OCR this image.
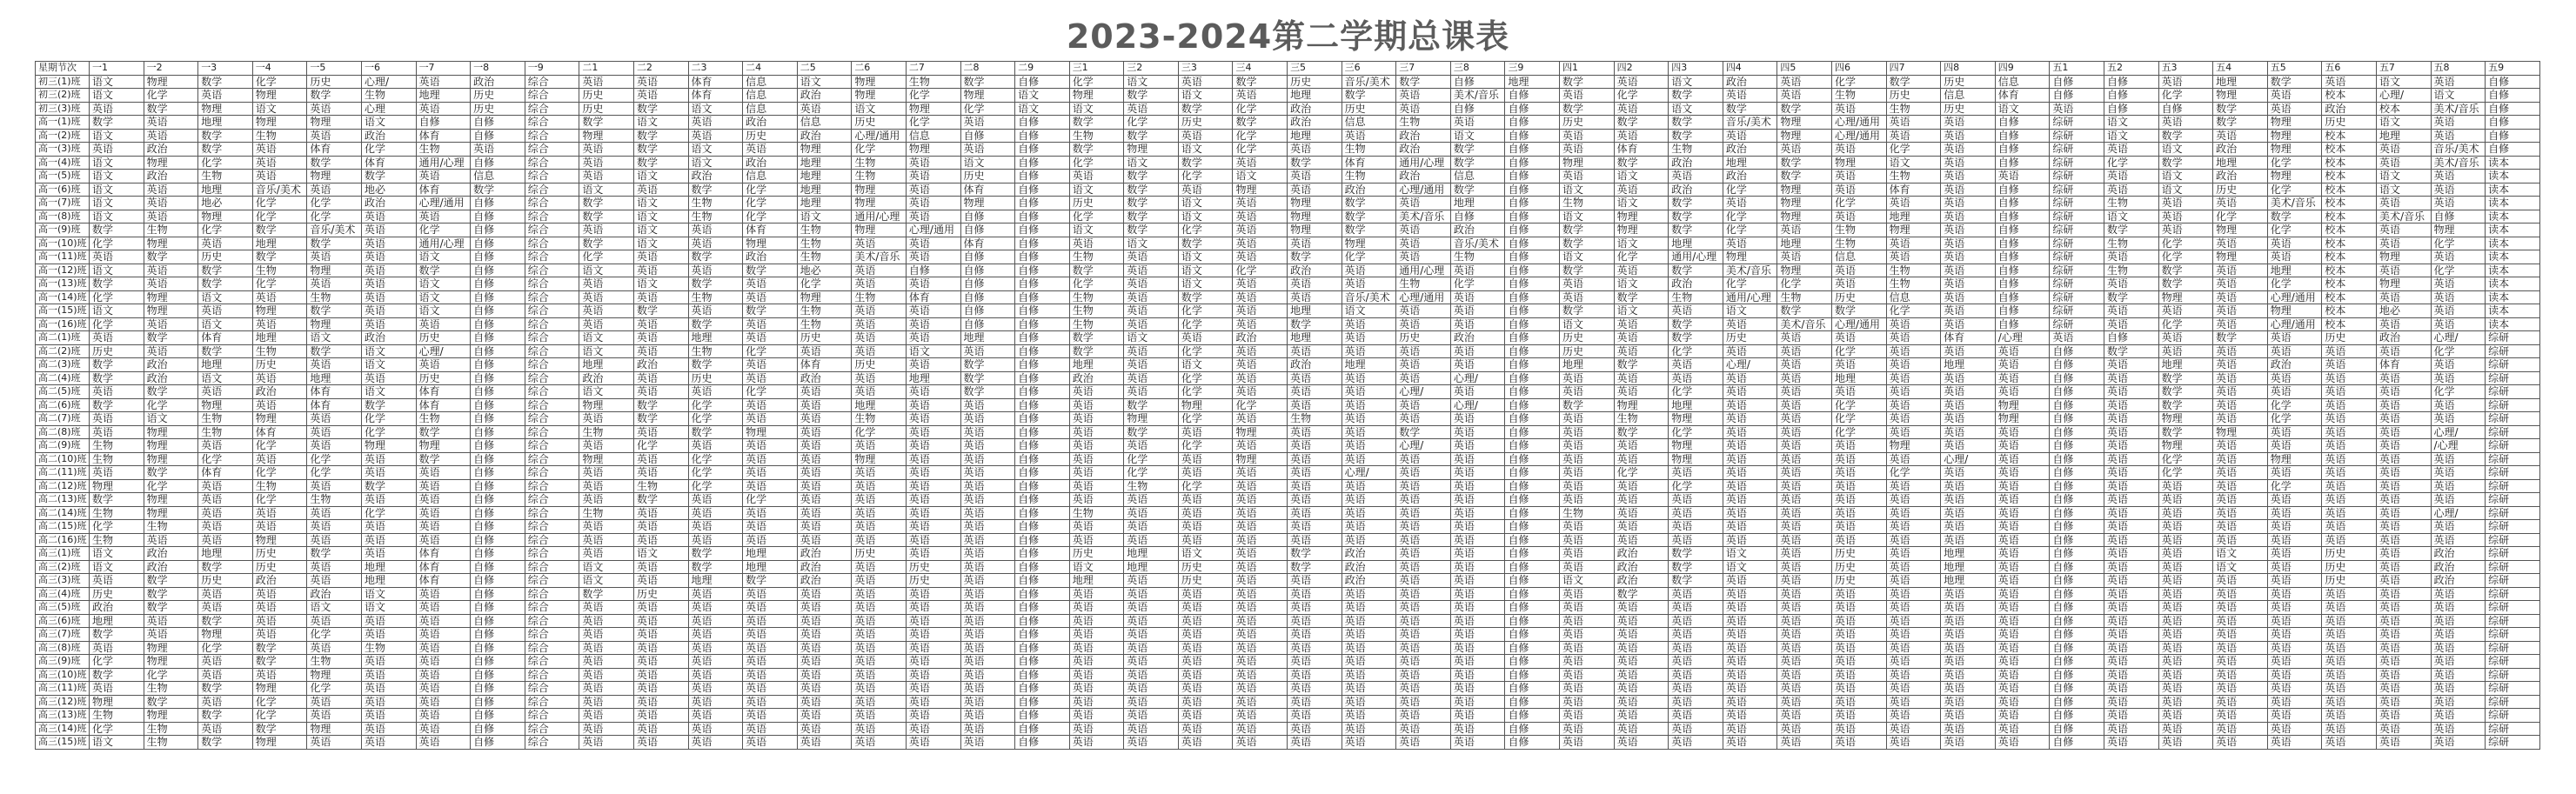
2023-2024第二学期总课表
星期节次	一1	一2	一3	一4	一5	一6	一7	一8	一9	二1	二2	二3	二4	二5	二6	二7	二8	二9	三1	三2	三3	三4	三5	三6	三7	三8	三9	四1	四2	四3	四4	四5	四6	四7	四8	四9	五1	五2	五3	五4	五5	五6	五7	五8	五9
初三(1)班	语文	物理	数学	化学	历史	心理/	英语	政治	综合	英语	英语	体育	信息	语文	物理	生物	数学	自修	化学	语文	英语	数学	历史	音乐/美术	数学	自修	地理	数学	英语	语文	政治	英语	化学	数学	历史	信息	自修	自修	英语	地理	数学	英语	语文	英语	自修
初三(2)班	语文	化学	英语	物理	数学	生物	地理	历史	综合	历史	英语	体育	信息	政治	物理	化学	物理	语文	物理	数学	语文	英语	地理	数学	英语	美术/音乐	自修	英语	化学	数学	英语	英语	生物	历史	信息	体育	自修	自修	化学	物理	英语	校本	心理/	语文	自修
初三(3)班	英语	数学	物理	语文	英语	心理	英语	历史	综合	历史	数学	语文	信息	英语	语文	物理	化学	语文	语文	英语	数学	化学	政治	历史	英语	自修	自修	数学	英语	语文	数学	数学	英语	生物	历史	语文	英语	自修	自修	数学	英语	政治	校本	美术/音乐	自修
高一(1)班	数学	英语	地理	物理	物理	语文	自修	自修	综合	数学	语文	英语	政治	信息	历史	化学	英语	自修	数学	化学	历史	数学	政治	信息	生物	英语	自修	历史	数学	数学	音乐/美术	物理	心理/通用	英语	英语	自修	综研	语文	英语	数学	物理	历史	语文	英语	自修
高一(2)班	语文	英语	数学	生物	英语	政治	体育	自修	综合	物理	数学	英语	历史	政治	心理/通用	信息	自修	自修	生物	数学	英语	化学	地理	英语	政治	语文	自修	英语	英语	数学	英语	物理	心理/通用	英语	英语	自修	综研	语文	数学	英语	物理	校本	地理	英语	自修
高一(3)班	英语	政治	数学	英语	体育	化学	生物	英语	综合	英语	数学	语文	英语	物理	化学	物理	英语	自修	数学	物理	语文	化学	英语	生物	政治	数学	自修	英语	体育	生物	政治	英语	英语	化学	英语	自修	综研	英语	语文	政治	物理	校本	英语	音乐/美术	自修
高一(4)班	语文	物理	化学	英语	数学	体育	通用/心理	自修	综合	英语	数学	语文	政治	地理	生物	英语	语文	自修	化学	语文	数学	英语	数学	体育	通用/心理	数学	自修	物理	数学	政治	地理	数学	物理	语文	英语	自修	综研	化学	数学	地理	化学	校本	英语	美术/音乐	读本
高一(5)班	语文	政治	生物	英语	物理	数学	英语	信息	综合	英语	语文	政治	信息	地理	生物	英语	历史	自修	英语	数学	化学	语文	英语	生物	政治	信息	自修	英语	语文	英语	政治	数学	英语	生物	英语	英语	综研	英语	语文	政治	物理	校本	语文	英语	读本
高一(6)班	语文	英语	地理	音乐/美术	英语	地必	体育	数学	综合	语文	英语	数学	化学	地理	物理	英语	体育	自修	语文	数学	英语	物理	英语	政治	心理/通用	数学	自修	语文	英语	政治	化学	物理	英语	体育	英语	自修	综研	英语	语文	历史	化学	校本	语文	英语	读本
高一(7)班	语文	英语	地必	化学	化学	政治	心理/通用	自修	综合	数学	语文	生物	化学	地理	物理	英语	物理	自修	历史	数学	语文	英语	物理	数学	英语	地理	自修	生物	语文	数学	英语	物理	化学	英语	英语	自修	综研	生物	英语	英语	美术/音乐	校本	英语	英语	读本
高一(8)班	语文	英语	物理	化学	化学	英语	英语	自修	综合	数学	语文	生物	化学	语文	通用/心理	英语	自修	自修	化学	数学	语文	英语	物理	数学	美术/音乐	自修	自修	语文	物理	数学	化学	物理	英语	地理	英语	自修	综研	语文	英语	化学	数学	校本	美术/音乐	自修	读本
高一(9)班	数学	生物	化学	数学	音乐/美术	英语	化学	自修	综合	英语	语文	英语	体育	生物	物理	心理/通用	自修	自修	语文	数学	化学	英语	物理	数学	英语	政治	自修	数学	物理	数学	化学	英语	生物	物理	英语	自修	综研	数学	英语	物理	化学	校本	英语	物理	读本
高一(10)班	化学	物理	英语	地理	数学	英语	通用/心理	自修	综合	数学	语文	英语	物理	生物	英语	英语	体育	自修	英语	语文	数学	英语	英语	物理	英语	音乐/美术	自修	数学	语文	地理	英语	地理	生物	英语	英语	自修	综研	生物	化学	英语	英语	校本	英语	化学	读本
高一(11)班	英语	数学	历史	数学	英语	英语	语文	自修	综合	化学	英语	数学	政治	生物	美术/音乐	英语	自修	自修	生物	英语	语文	英语	数学	化学	英语	生物	自修	语文	化学	通用/心理	物理	英语	信息	英语	英语	自修	综研	英语	化学	物理	英语	校本	物理	英语	读本
高一(12)班	语文	英语	数学	生物	物理	英语	数学	自修	综合	语文	英语	英语	数学	地必	英语	自修	自修	自修	数学	英语	语文	化学	政治	英语	通用/心理	英语	自修	数学	英语	数学	美术/音乐	物理	英语	生物	英语	自修	综研	生物	数学	英语	地理	校本	英语	化学	读本
高一(13)班	数学	英语	数学	化学	英语	英语	语文	自修	综合	英语	语文	数学	英语	化学	英语	英语	自修	自修	化学	英语	语文	英语	英语	英语	生物	化学	自修	英语	语文	政治	化学	化学	英语	生物	英语	自修	综研	英语	数学	英语	化学	校本	物理	英语	读本
高一(14)班	化学	物理	语文	英语	生物	英语	语文	自修	综合	英语	英语	生物	英语	物理	生物	体育	自修	自修	生物	英语	数学	英语	英语	音乐/美术	心理/通用	英语	自修	英语	数学	生物	通用/心理	生物	历史	信息	英语	自修	综研	数学	物理	英语	心理/通用	校本	英语	英语	读本
高一(15)班	语文	物理	英语	物理	数学	英语	语文	自修	综合	英语	数学	英语	数学	生物	英语	英语	自修	自修	生物	英语	化学	英语	地理	语文	英语	英语	自修	数学	语文	英语	语文	数学	数学	化学	英语	自修	综研	英语	英语	英语	物理	校本	地必	英语	读本
高一(16)班	化学	英语	语文	英语	物理	英语	英语	自修	综合	英语	英语	数学	英语	生物	英语	英语	自修	自修	生物	英语	化学	英语	数学	英语	英语	英语	自修	语文	英语	数学	英语	美术/音乐	心理/通用	英语	英语	自修	综研	英语	化学	英语	心理/通用	校本	英语	英语	读本
高二(1)班	英语	数学	体育	地理	语文	政治	历史	自修	综合	语文	英语	地理	英语	历史	英语	英语	地理	自修	数学	语文	英语	政治	地理	英语	历史	政治	自修	历史	英语	数学	历史	英语	英语	英语	体育	/心理	英语	自修	英语	数学	英语	历史	政治	心理/	综研
高二(2)班	历史	英语	数学	生物	数学	语文	心理/	自修	综合	语文	英语	生物	化学	英语	英语	语文	英语	自修	数学	英语	化学	英语	英语	英语	英语	英语	自修	历史	英语	化学	英语	英语	化学	英语	英语	英语	自修	数学	英语	英语	英语	英语	英语	化学	综研
高二(3)班	数学	政治	地理	历史	英语	语文	英语	自修	综合	地理	政治	数学	英语	体育	历史	英语	数学	自修	地理	英语	语文	英语	政治	地理	英语	英语	自修	地理	数学	英语	心理/	英语	英语	英语	地理	英语	自修	英语	地理	英语	政治	英语	体育	英语	综研
高二(4)班	数学	政治	语文	英语	地理	英语	历史	自修	综合	政治	英语	历史	英语	政治	英语	地理	数学	自修	政治	英语	化学	英语	英语	英语	英语	心理/	自修	英语	英语	英语	英语	英语	地理	英语	英语	英语	自修	英语	数学	英语	英语	英语	英语	英语	综研
高二(5)班	英语	数学	英语	政治	体育	语文	体育	自修	综合	语文	英语	英语	化学	英语	英语	英语	数学	自修	英语	英语	化学	英语	英语	英语	心理/	英语	自修	英语	英语	化学	英语	英语	英语	英语	英语	英语	自修	英语	数学	英语	英语	英语	英语	化学	综研
高二(6)班	数学	化学	物理	英语	体育	数学	体育	自修	综合	物理	数学	化学	英语	英语	地理	英语	英语	自修	英语	数学	物理	化学	英语	英语	英语	心理/	自修	数学	物理	地理	英语	英语	化学	英语	英语	物理	自修	英语	数学	英语	化学	英语	英语	英语	综研
高二(7)班	英语	语文	生物	物理	英语	化学	生物	自修	综合	英语	数学	化学	英语	英语	生物	英语	英语	自修	英语	物理	化学	英语	生物	英语	英语	英语	自修	英语	生物	物理	英语	英语	化学	英语	英语	物理	自修	英语	物理	英语	化学	英语	英语	英语	综研
高二(8)班	英语	物理	生物	体育	英语	化学	数学	自修	综合	生物	英语	数学	物理	英语	化学	英语	英语	自修	英语	数学	英语	物理	英语	英语	数学	英语	自修	英语	数学	化学	英语	英语	化学	英语	英语	英语	自修	英语	数学	物理	英语	英语	英语	心理/	综研
高二(9)班	生物	物理	英语	化学	英语	物理	物理	自修	综合	英语	化学	英语	英语	英语	英语	英语	英语	自修	英语	英语	化学	英语	英语	英语	心理/	英语	自修	英语	英语	物理	英语	英语	英语	物理	英语	英语	自修	英语	物理	英语	英语	英语	英语	/心理	综研
高二(10)班	生物	物理	化学	英语	化学	英语	数学	自修	综合	物理	英语	化学	英语	英语	物理	英语	英语	自修	英语	化学	英语	物理	英语	英语	英语	英语	自修	英语	英语	物理	英语	英语	英语	英语	心理/	英语	自修	英语	化学	英语	物理	英语	英语	英语	综研
高二(11)班	英语	数学	体育	化学	化学	英语	英语	自修	综合	英语	英语	化学	英语	英语	英语	英语	英语	自修	英语	化学	英语	英语	英语	心理/	英语	英语	自修	英语	化学	英语	英语	英语	英语	化学	英语	英语	自修	英语	化学	英语	英语	英语	英语	英语	综研
高二(12)班	物理	化学	英语	生物	英语	数学	英语	自修	综合	英语	生物	化学	英语	英语	英语	英语	英语	自修	英语	生物	化学	英语	英语	英语	英语	英语	自修	英语	英语	化学	英语	英语	英语	英语	英语	英语	自修	英语	英语	英语	化学	英语	英语	英语	综研
高二(13)班	数学	物理	英语	化学	生物	英语	英语	自修	综合	英语	数学	英语	化学	英语	英语	英语	英语	自修	英语	英语	英语	英语	英语	英语	英语	英语	自修	英语	英语	英语	英语	英语	英语	英语	英语	英语	自修	英语	英语	英语	英语	英语	英语	英语	综研
高二(14)班	生物	物理	英语	英语	英语	化学	英语	自修	综合	生物	英语	英语	英语	英语	英语	英语	英语	自修	生物	英语	英语	英语	英语	英语	英语	英语	自修	生物	英语	英语	英语	英语	英语	英语	英语	英语	自修	英语	英语	英语	英语	英语	英语	心理/	综研
高二(15)班	化学	生物	英语	英语	英语	英语	英语	自修	综合	英语	英语	英语	英语	英语	英语	英语	英语	自修	英语	英语	英语	英语	英语	英语	英语	英语	自修	英语	英语	英语	英语	英语	英语	英语	英语	英语	自修	英语	英语	英语	英语	英语	英语	英语	综研
高二(16)班	生物	英语	英语	物理	英语	英语	英语	自修	综合	英语	英语	英语	英语	英语	英语	英语	英语	自修	英语	英语	英语	英语	英语	英语	英语	英语	自修	英语	英语	英语	英语	英语	英语	英语	英语	英语	自修	英语	英语	英语	英语	英语	英语	英语	综研
高三(1)班	语文	政治	地理	历史	数学	英语	体育	自修	综合	英语	语文	数学	地理	政治	历史	英语	英语	自修	历史	地理	语文	英语	数学	政治	英语	英语	自修	英语	政治	数学	语文	英语	历史	英语	地理	英语	自修	英语	英语	语文	英语	历史	英语	政治	综研
高三(2)班	语文	政治	数学	历史	英语	地理	体育	自修	综合	语文	英语	数学	地理	政治	英语	历史	英语	自修	语文	地理	历史	英语	数学	政治	英语	英语	自修	英语	政治	数学	语文	英语	历史	英语	地理	英语	自修	英语	英语	语文	英语	历史	英语	政治	综研
高三(3)班	英语	数学	历史	政治	英语	地理	体育	自修	综合	语文	英语	地理	数学	政治	英语	历史	英语	自修	地理	英语	历史	英语	英语	政治	英语	英语	自修	语文	政治	数学	英语	英语	历史	英语	地理	英语	自修	英语	英语	英语	英语	历史	英语	政治	综研
高三(4)班	历史	数学	英语	英语	政治	语文	英语	自修	综合	数学	历史	英语	英语	英语	英语	英语	英语	自修	英语	英语	英语	英语	英语	英语	英语	英语	自修	英语	数学	英语	英语	英语	英语	英语	英语	英语	自修	英语	英语	英语	英语	英语	英语	英语	综研
高三(5)班	政治	数学	英语	英语	语文	语文	英语	自修	综合	英语	英语	英语	英语	英语	英语	英语	英语	自修	英语	英语	英语	英语	英语	英语	英语	英语	自修	英语	英语	英语	英语	英语	英语	英语	英语	英语	自修	英语	英语	英语	英语	英语	英语	英语	综研
高三(6)班	地理	英语	数学	英语	英语	英语	英语	自修	综合	英语	英语	英语	英语	英语	英语	英语	英语	自修	英语	英语	英语	英语	英语	英语	英语	英语	自修	英语	英语	英语	英语	英语	英语	英语	英语	英语	自修	英语	英语	英语	英语	英语	英语	英语	综研
高三(7)班	数学	英语	物理	英语	化学	英语	英语	自修	综合	英语	英语	英语	英语	英语	英语	英语	英语	自修	英语	英语	英语	英语	英语	英语	英语	英语	自修	英语	英语	英语	英语	英语	英语	英语	英语	英语	自修	英语	英语	英语	英语	英语	英语	英语	综研
高三(8)班	英语	物理	化学	数学	英语	生物	英语	自修	综合	英语	英语	英语	英语	英语	英语	英语	英语	自修	英语	英语	英语	英语	英语	英语	英语	英语	自修	英语	英语	英语	英语	英语	英语	英语	英语	英语	自修	英语	英语	英语	英语	英语	英语	英语	综研
高三(9)班	化学	物理	英语	数学	生物	英语	英语	自修	综合	英语	英语	英语	英语	英语	英语	英语	英语	自修	英语	英语	英语	英语	英语	英语	英语	英语	自修	英语	英语	英语	英语	英语	英语	英语	英语	英语	自修	英语	英语	英语	英语	英语	英语	英语	综研
高三(10)班	数学	化学	英语	英语	物理	英语	英语	自修	综合	英语	英语	英语	英语	英语	英语	英语	英语	自修	英语	英语	英语	英语	英语	英语	英语	英语	自修	英语	英语	英语	英语	英语	英语	英语	英语	英语	自修	英语	英语	英语	英语	英语	英语	英语	综研
高三(11)班	英语	生物	数学	物理	化学	英语	英语	自修	综合	英语	英语	英语	英语	英语	英语	英语	英语	自修	英语	英语	英语	英语	英语	英语	英语	英语	自修	英语	英语	英语	英语	英语	英语	英语	英语	英语	自修	英语	英语	英语	英语	英语	英语	英语	综研
高三(12)班	物理	数学	英语	化学	英语	英语	英语	自修	综合	英语	英语	英语	英语	英语	英语	英语	英语	自修	英语	英语	英语	英语	英语	英语	英语	英语	自修	英语	英语	英语	英语	英语	英语	英语	英语	英语	自修	英语	英语	英语	英语	英语	英语	英语	综研
高三(13)班	生物	物理	数学	化学	英语	英语	英语	自修	综合	英语	英语	英语	英语	英语	英语	英语	英语	自修	英语	英语	英语	英语	英语	英语	英语	英语	自修	英语	英语	英语	英语	英语	英语	英语	英语	英语	自修	英语	英语	英语	英语	英语	英语	英语	综研
高三(14)班	化学	生物	英语	数学	物理	英语	英语	自修	综合	英语	英语	英语	英语	英语	英语	英语	英语	自修	英语	英语	英语	英语	英语	英语	英语	英语	自修	英语	英语	英语	英语	英语	英语	英语	英语	英语	自修	英语	英语	英语	英语	英语	英语	英语	综研
高三(15)班	语文	生物	数学	物理	英语	英语	英语	自修	综合	英语	英语	英语	英语	英语	英语	英语	英语	自修	英语	英语	英语	英语	英语	英语	英语	英语	自修	英语	英语	英语	英语	英语	英语	英语	英语	英语	自修	英语	英语	英语	英语	英语	英语	英语	综研
